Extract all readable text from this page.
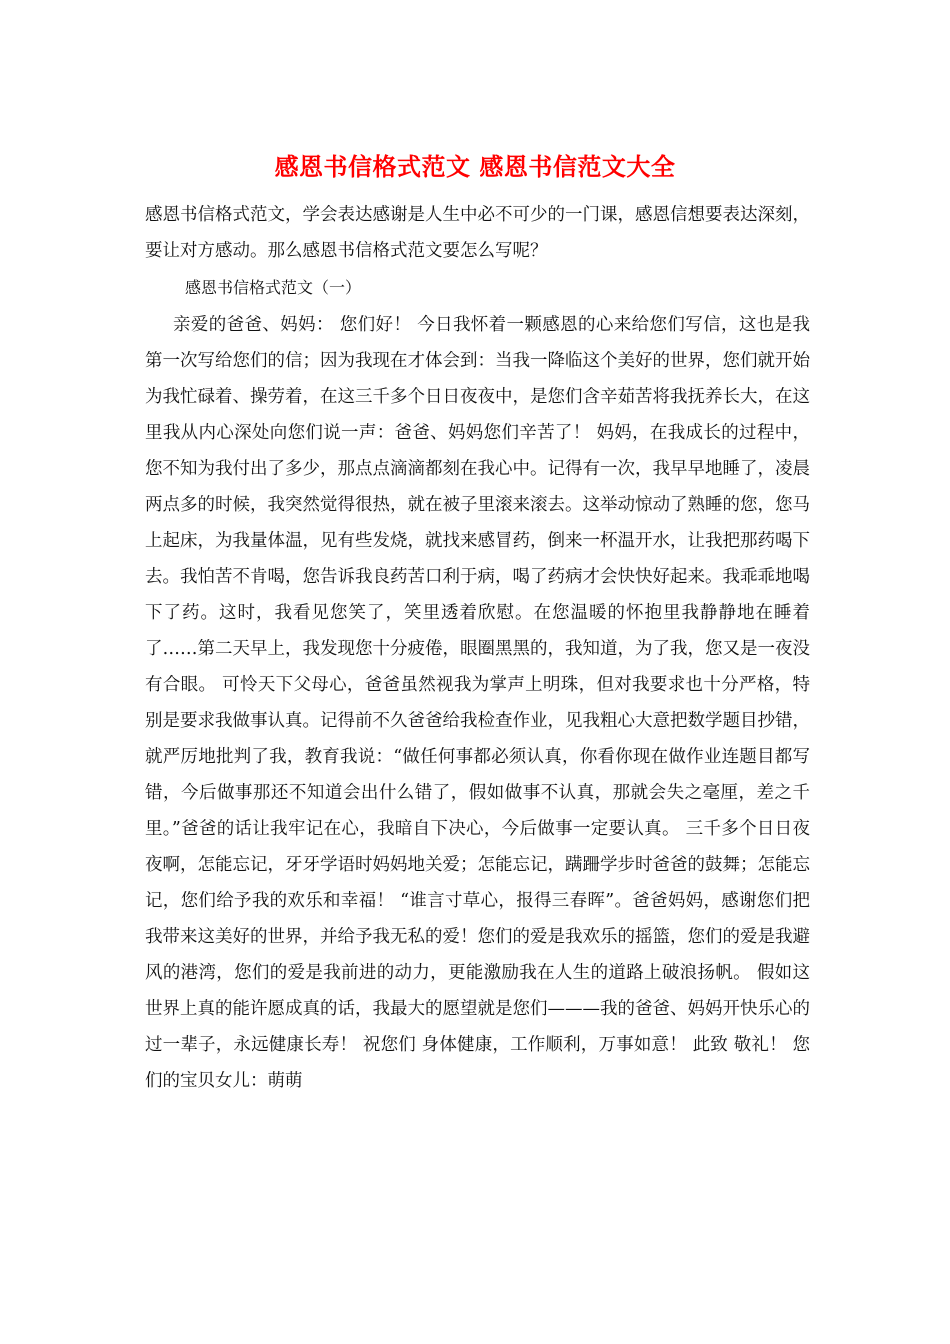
感恩书信格式范文 感恩书信范文大全

感恩书信格式范文，学会表达感谢是人生中必不可少的一门课，感恩信想要表达深刻，要让对方感动。那么感恩书信格式范文要怎么写呢？

感恩书信格式范文（一）

亲爱的爸爸、妈妈： 您们好！ 今日我怀着一颗感恩的心来给您们写信，这也是我第一次写给您们的信；因为我现在才体会到：当我一降临这个美好的世界，您们就开始为我忙碌着、操劳着，在这三千多个日日夜夜中，是您们含辛茹苦将我抚养长大，在这里我从内心深处向您们说一声：爸爸、妈妈您们辛苦了！ 妈妈，在我成长的过程中，您不知为我付出了多少，那点点滴滴都刻在我心中。记得有一次，我早早地睡了，凌晨两点多的时候，我突然觉得很热，就在被子里滚来滚去。这举动惊动了熟睡的您，您马上起床，为我量体温，见有些发烧，就找来感冒药，倒来一杯温开水，让我把那药喝下去。我怕苦不肯喝，您告诉我良药苦口利于病，喝了药病才会快快好起来。我乖乖地喝下了药。这时，我看见您笑了，笑里透着欣慰。在您温暖的怀抱里我静静地在睡着了……第二天早上，我发现您十分疲倦，眼圈黑黑的，我知道，为了我，您又是一夜没有合眼。 可怜天下父母心，爸爸虽然视我为掌声上明珠，但对我要求也十分严格，特别是要求我做事认真。记得前不久爸爸给我检查作业，见我粗心大意把数学题目抄错，就严厉地批判了我，教育我说：“做任何事都必须认真，你看你现在做作业连题目都写错，今后做事那还不知道会出什么错了，假如做事不认真，那就会失之毫厘，差之千里。”爸爸的话让我牢记在心，我暗自下决心，今后做事一定要认真。 三千多个日日夜夜啊，怎能忘记，牙牙学语时妈妈地关爱；怎能忘记，蹒跚学步时爸爸的鼓舞；怎能忘记，您们给予我的欢乐和幸福！ “谁言寸草心，报得三春晖”。爸爸妈妈，感谢您们把我带来这美好的世界，并给予我无私的爱！您们的爱是我欢乐的摇篮，您们的爱是我避风的港湾，您们的爱是我前进的动力，更能激励我在人生的道路上破浪扬帆。 假如这世界上真的能许愿成真的话，我最大的愿望就是您们———我的爸爸、妈妈开快乐心的过一辈子，永远健康长寿！ 祝您们 身体健康，工作顺利，万事如意！ 此致 敬礼！ 您们的宝贝女儿：萌萌
